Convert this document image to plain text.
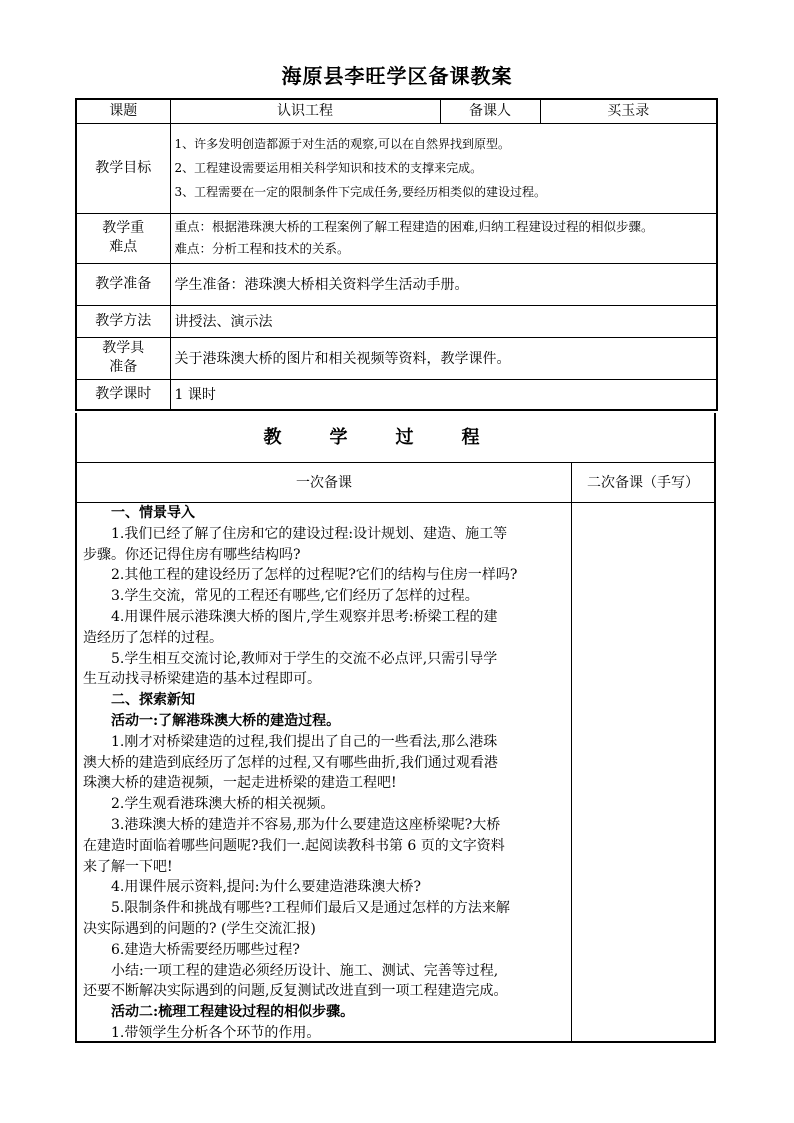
海原县李旺学区备课教案
课题	认识工程	备课人	买玉录
教学目标	1、许多发明创造都源于对生活的观察,可以在自然界找到原型。
2、工程建设需要运用相关科学知识和技术的支撑来完成。
3、工程需要在一定的限制条件下完成任务,要经历相类似的建设过程。		

教学重
难点	重点：根据港珠澳大桥的工程案例了解工程建造的困难,归纳工程建设过程的相似步骤。
难点：分析工程和技术的关系。		

教学准备	学生准备：港珠澳大桥相关资料学生活动手册。		
教学方法	讲授法、演示法		

教学具
准备	关于港珠澳大桥的图片和相关视频等资料，教学课件。		
教学课时	1 课时		
教学过程
一次备课	二次备课（手写）
一、情景导入
1.我们已经了解了住房和它的建设过程:设计规划、建造、施工等
步骤。你还记得住房有哪些结构吗?
2.其他工程的建设经历了怎样的过程呢?它们的结构与住房一样吗?
3.学生交流，常见的工程还有哪些,它们经历了怎样的过程。
4.用课件展示港珠澳大桥的图片,学生观察并思考:桥梁工程的建
造经历了怎样的过程。
5.学生相互交流讨论,教师对于学生的交流不必点评,只需引导学
生互动找寻桥梁建造的基本过程即可。
二、探索新知
活动一:了解港珠澳大桥的建造过程。
1.刚才对桥梁建造的过程,我们提出了自己的一些看法,那么港珠
澳大桥的建造到底经历了怎样的过程,又有哪些曲折,我们通过观看港
珠澳大桥的建造视频，一起走进桥梁的建造工程吧!
2.学生观看港珠澳大桥的相关视频。
3.港珠澳大桥的建造并不容易,那为什么要建造这座桥梁呢?大桥
在建造时面临着哪些问题呢?我们一.起阅读教科书第 6 页的文字资料
来了解一下吧!
4.用课件展示资料,提问:为什么要建造港珠澳大桥?
5.限制条件和挑战有哪些?工程师们最后又是通过怎样的方法来解
决实际遇到的问题的? (学生交流汇报)
6.建造大桥需要经历哪些过程?
小结:一项工程的建造必须经历设计、施工、测试、完善等过程,
还要不断解决实际遇到的问题,反复测试改进直到一项工程建造完成。
活动二:梳理工程建设过程的相似步骤。
1.带领学生分析各个环节的作用。
